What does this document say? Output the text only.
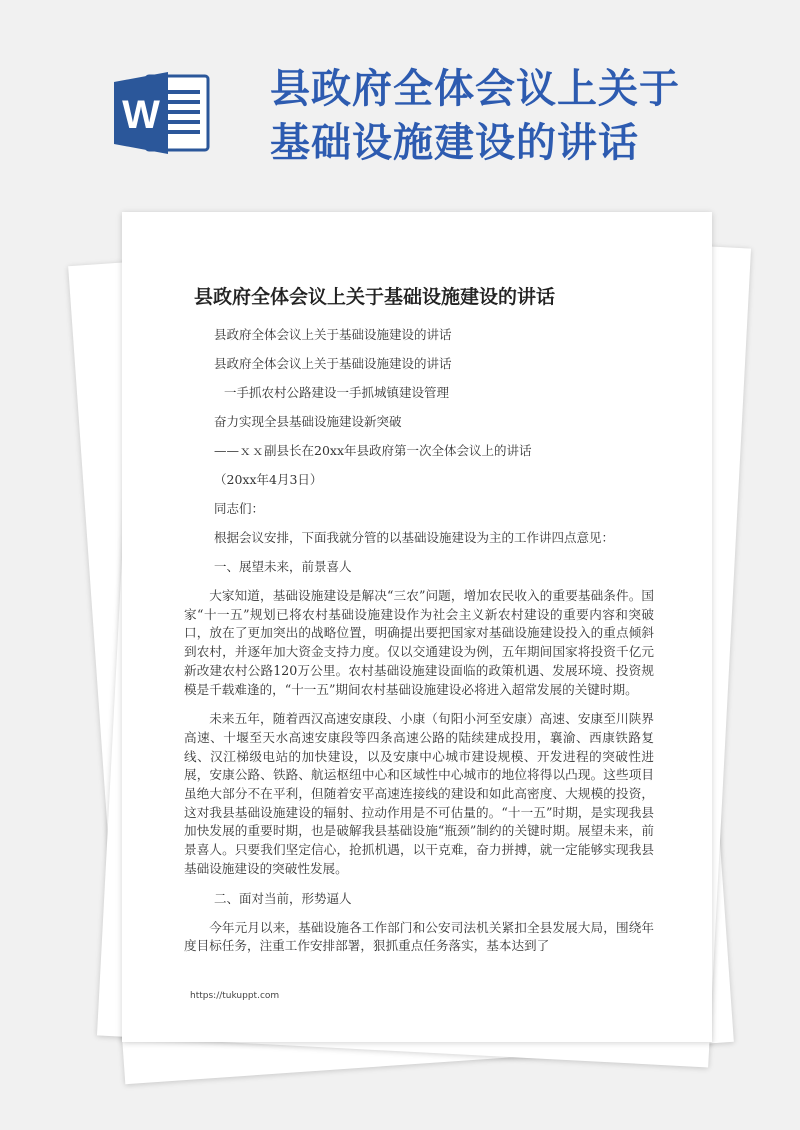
W
县政府全体会议上关于
基础设施建设的讲话
县政府全体会议上关于基础设施建设的讲话

县政府全体会议上关于基础设施建设的讲话

县政府全体会议上关于基础设施建设的讲话

一手抓农村公路建设一手抓城镇建设管理

奋力实现全县基础设施建设新突破

——ｘｘ副县长在20xx年县政府第一次全体会议上的讲话

（20xx年4月3日）

同志们：

根据会议安排，下面我就分管的以基础设施建设为主的工作讲四点意见：

一、展望未来，前景喜人

大家知道，基础设施建设是解决“三农”问题，增加农民收入的重要基础条件。国家“十一五”规划已将农村基础设施建设作为社会主义新农村建设的重要内容和突破口，放在了更加突出的战略位置，明确提出要把国家对基础设施建设投入的重点倾斜到农村，并逐年加大资金支持力度。仅以交通建设为例，五年期间国家将投资千亿元新改建农村公路120万公里。农村基础设施建设面临的政策机遇、发展环境、投资规模是千载难逢的，“十一五”期间农村基础设施建设必将进入超常发展的关键时期。

未来五年，随着西汉高速安康段、小康（旬阳小河至安康）高速、安康至川陕界高速、十堰至天水高速安康段等四条高速公路的陆续建成投用，襄渝、西康铁路复线、汉江梯级电站的加快建设，以及安康中心城市建设规模、开发进程的突破性进展，安康公路、铁路、航运枢纽中心和区域性中心城市的地位将得以凸现。这些项目虽绝大部分不在平利，但随着安平高速连接线的建设和如此高密度、大规模的投资，这对我县基础设施建设的辐射、拉动作用是不可估量的。“十一五”时期，是实现我县加快发展的重要时期，也是破解我县基础设施“瓶颈”制约的关键时期。展望未来，前景喜人。只要我们坚定信心，抢抓机遇，以干克难，奋力拼搏，就一定能够实现我县基础设施建设的突破性发展。

二、面对当前，形势逼人

今年元月以来，基础设施各工作部门和公安司法机关紧扣全县发展大局，围绕年度目标任务，注重工作安排部署，狠抓重点任务落实，基本达到了

https://tukuppt.com
